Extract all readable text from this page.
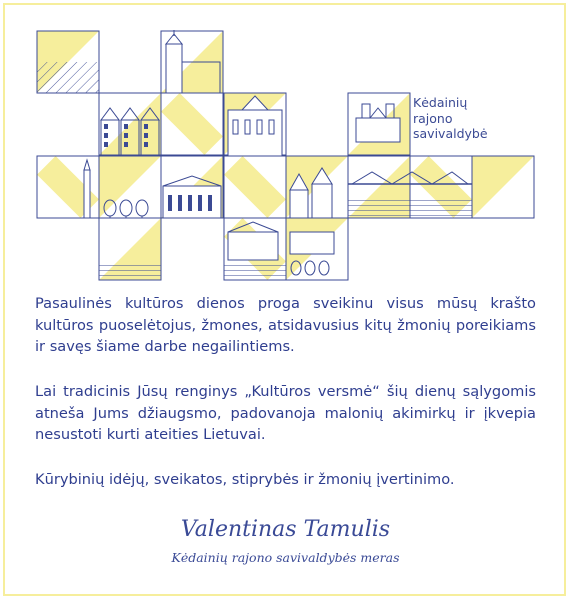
Kėdainių
rajono
savivaldybė
Pasaulinės kultūros dienos proga sveikinu visus mūsų krašto kultūros puoselėtojus, žmones, atsidavusius kitų žmonių poreikiams ir savęs šiame darbe negailintiems.
Lai tradicinis Jūsų renginys „Kultūros versmė“ šių dienų sąlygomis atneša Jums džiaugsmo, padovanoja malonių akimirkų ir įkvepia nesustoti kurti ateities Lietuvai.
Kūrybinių idėjų, sveikatos, stiprybės ir žmonių įvertinimo.
Valentinas Tamulis
Kėdainių rajono savivaldybės meras
